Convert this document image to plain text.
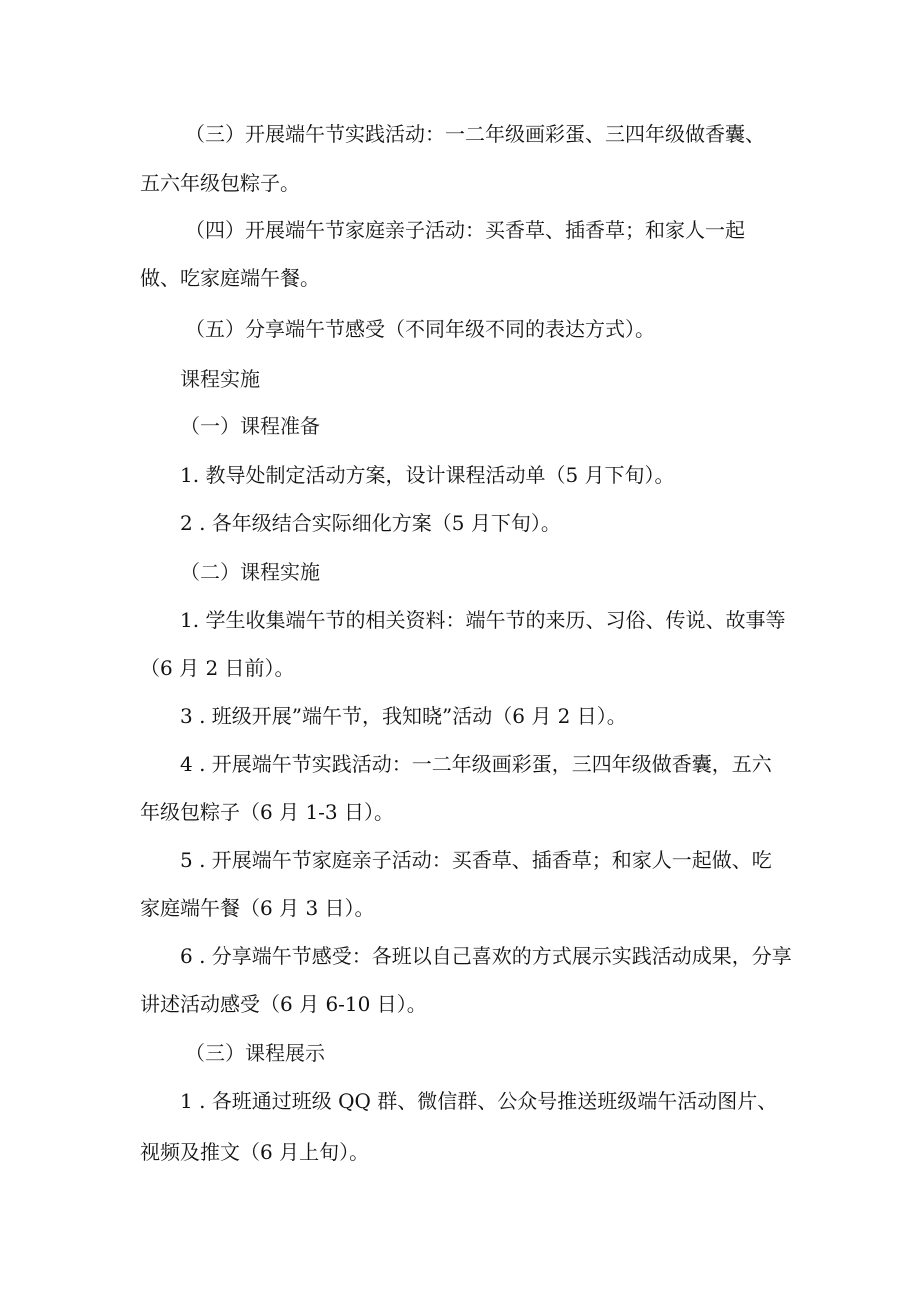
（三）开展端午节实践活动：一二年级画彩蛋、三四年级做香囊、

五六年级包粽子。

（四）开展端午节家庭亲子活动：买香草、插香草；和家人一起

做、吃家庭端午餐。

（五）分享端午节感受（不同年级不同的表达方式）。

课程实施

（一）课程准备

1. 教导处制定活动方案，设计课程活动单（5 月下旬）。

2 . 各年级结合实际细化方案（5 月下旬）。

（二）课程实施

1. 学生收集端午节的相关资料：端午节的来历、习俗、传说、故事等

（6 月 2 日前）。

3 . 班级开展”端午节，我知晓”活动（6 月 2 日）。

4 . 开展端午节实践活动：一二年级画彩蛋，三四年级做香囊，五六

年级包粽子（6 月 1-3 日）。

5 . 开展端午节家庭亲子活动：买香草、插香草；和家人一起做、吃

家庭端午餐（6 月 3 日）。

6 . 分享端午节感受：各班以自己喜欢的方式展示实践活动成果，分享

讲述活动感受（6 月 6-10 日）。

（三）课程展示

1 . 各班通过班级 QQ 群、微信群、公众号推送班级端午活动图片、

视频及推文（6 月上旬）。
